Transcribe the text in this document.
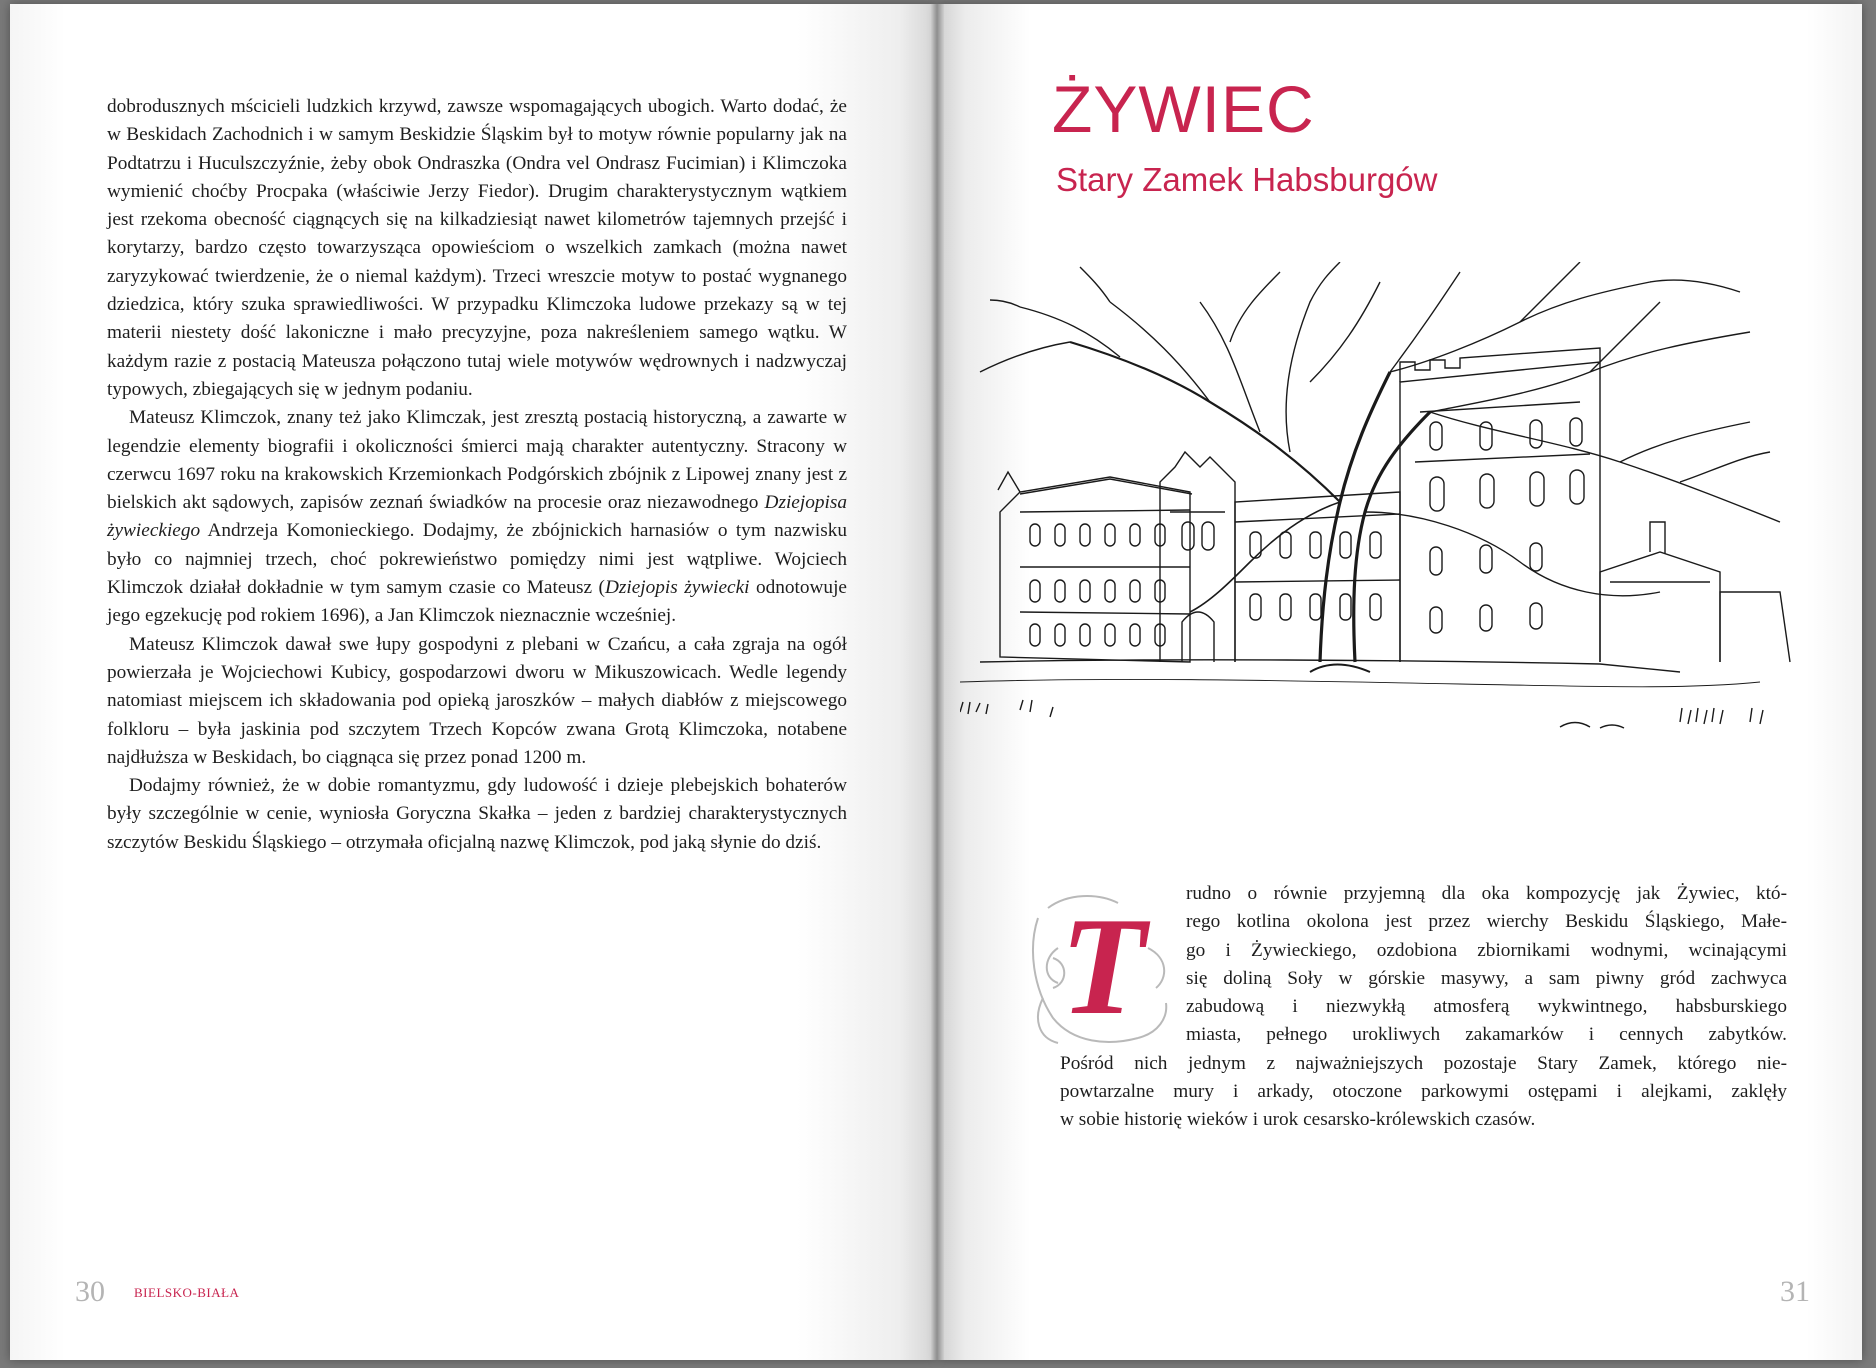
dobrodusznych mścicieli ludzkich krzywd, zawsze wspomagających ubogich. Warto dodać, że w Beskidach Zachodnich i w samym Beskidzie Śląskim był to motyw równie popularny jak na Podtatrzu i Huculszczyźnie, żeby obok Ondraszka (Ondra vel Ondrasz Fucimian) i Klimczoka wymienić choćby Procpaka (właściwie Jerzy Fiedor). Drugim charakterystycznym wątkiem jest rzekoma obecność ciągnących się na kilkadziesiąt nawet kilometrów tajemnych przejść i korytarzy, bardzo często towarzysząca opowieściom o wszelkich zamkach (można nawet zaryzykować twierdzenie, że o niemal każdym). Trzeci wreszcie motyw to postać wygnanego dziedzica, który szuka sprawiedliwości. W przypadku Klimczoka ludowe przekazy są w tej materii niestety dość lakoniczne i mało precyzyjne, poza nakreśleniem samego wątku. W każdym razie z postacią Mateusza połączono tutaj wiele motywów wędrownych i nadzwyczaj typowych, zbiegających się w jednym podaniu.

Mateusz Klimczok, znany też jako Klimczak, jest zresztą postacią historyczną, a zawarte w legendzie elementy biografii i okoliczności śmierci mają charakter autentyczny. Stracony w czerwcu 1697 roku na krakowskich Krzemionkach Podgórskich zbójnik z Lipowej znany jest z bielskich akt sądowych, zapisów zeznań świadków na procesie oraz niezawodnego Dziejopisa żywieckiego Andrzeja Komonieckiego. Dodajmy, że zbójnickich harnasiów o tym nazwisku było co najmniej trzech, choć pokrewieństwo pomiędzy nimi jest wątpliwe. Wojciech Klimczok działał dokładnie w tym samym czasie co Mateusz (Dziejopis żywiecki odnotowuje jego egzekucję pod rokiem 1696), a Jan Klimczok nieznacznie wcześniej.

Mateusz Klimczok dawał swe łupy gospodyni z plebani w Czańcu, a cała zgraja na ogół powierzała je Wojciechowi Kubicy, gospodarzowi dworu w Mikuszowicach. Wedle legendy natomiast miejscem ich składowania pod opieką jaroszków – małych diabłów z miejscowego folkloru – była jaskinia pod szczytem Trzech Kopców zwana Grotą Klimczoka, notabene najdłuższa w Beskidach, bo ciągnąca się przez ponad 1200 m.

Dodajmy również, że w dobie romantyzmu, gdy ludowość i dzieje plebejskich bohaterów były szczególnie w cenie, wyniosła Goryczna Skałka – jeden z bardziej charakterystycznych szczytów Beskidu Śląskiego – otrzymała oficjalną nazwę Klimczok, pod jaką słynie do dziś.

30 BIELSKO-BIAŁA
ŻYWIEC
Stary Zamek Habsburgów
T rudno o równie przyjemną dla oka kompozycję jak Żywiec, któ-
rego kotlina okolona jest przez wierchy Beskidu Śląskiego, Małe-
go i Żywieckiego, ozdobiona zbiornikami wodnymi, wcinającymi
się doliną Soły w górskie masywy, a sam piwny gród zachwyca
zabudową i niezwykłą atmosferą wykwintnego, habsburskiego
miasta, pełnego urokliwych zakamarków i cennych zabytków.
Pośród nich jednym z najważniejszych pozostaje Stary Zamek, którego nie-
powtarzalne mury i arkady, otoczone parkowymi ostępami i alejkami, zaklęły
w sobie historię wieków i urok cesarsko-królewskich czasów.
31
